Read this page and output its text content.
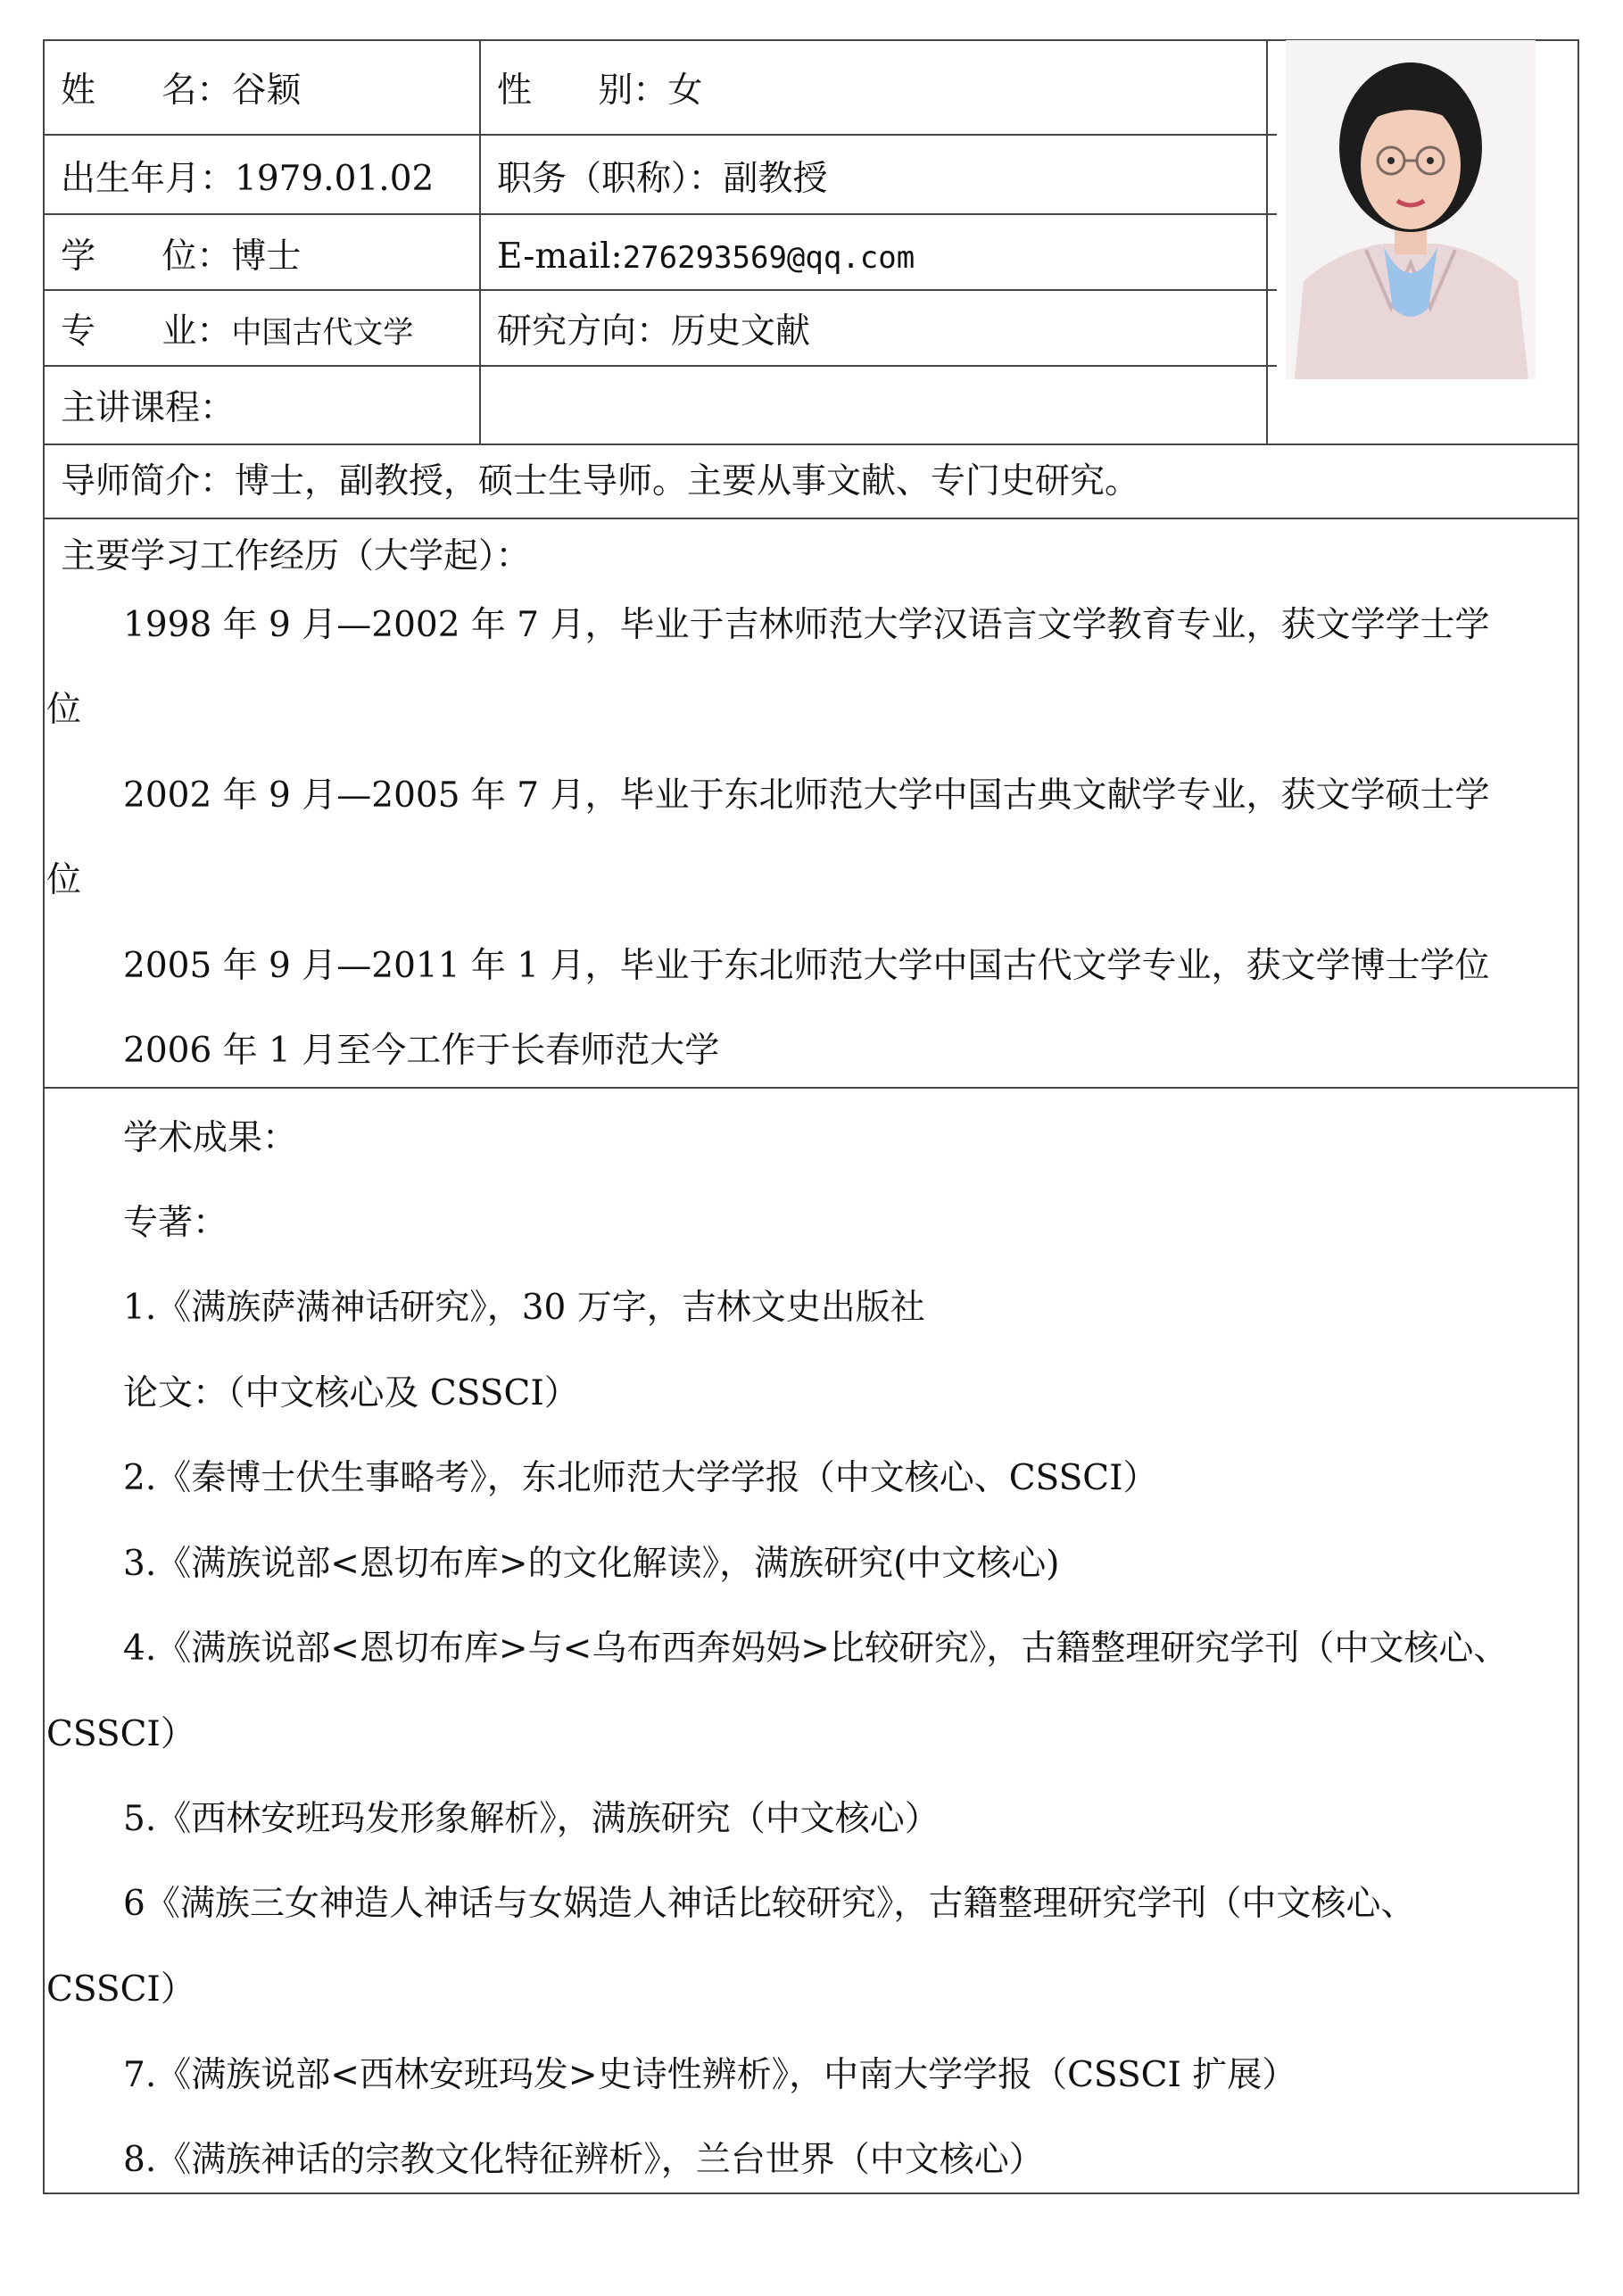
姓      名：谷颖	性      别：女
出生年月：1979.01.02 职务（职称）：副教授
学      位：博士	E-mail:276293569@qq.com
专      业：中国古代文学 研究方向：历史文献
主讲课程：
导师简介：博士，副教授，硕士生导师。主要从事文献、专门史研究。
主要学习工作经历（大学起）：
1998 年 9 月—2002 年 7 月，毕业于吉林师范大学汉语言文学教育专业，获文学学士学
位
2002 年 9 月—2005 年 7 月，毕业于东北师范大学中国古典文献学专业，获文学硕士学
位
2005 年 9 月—2011 年 1 月，毕业于东北师范大学中国古代文学专业，获文学博士学位
2006 年 1 月至今工作于长春师范大学
学术成果：
专著：
1.《满族萨满神话研究》，30 万字，吉林文史出版社
论文：（中文核心及 CSSCI）
2.《秦博士伏生事略考》，东北师范大学学报（中文核心、CSSCI）
3.《满族说部<恩切布库>的文化解读》，满族研究(中文核心)
4.《满族说部<恩切布库>与<乌布西奔妈妈>比较研究》，古籍整理研究学刊（中文核心、
CSSCI）
5.《西林安班玛发形象解析》，满族研究（中文核心）
6《满族三女神造人神话与女娲造人神话比较研究》，古籍整理研究学刊（中文核心、
CSSCI）
7.《满族说部<西林安班玛发>史诗性辨析》，中南大学学报（CSSCI 扩展）
8.《满族神话的宗教文化特征辨析》，兰台世界（中文核心）
